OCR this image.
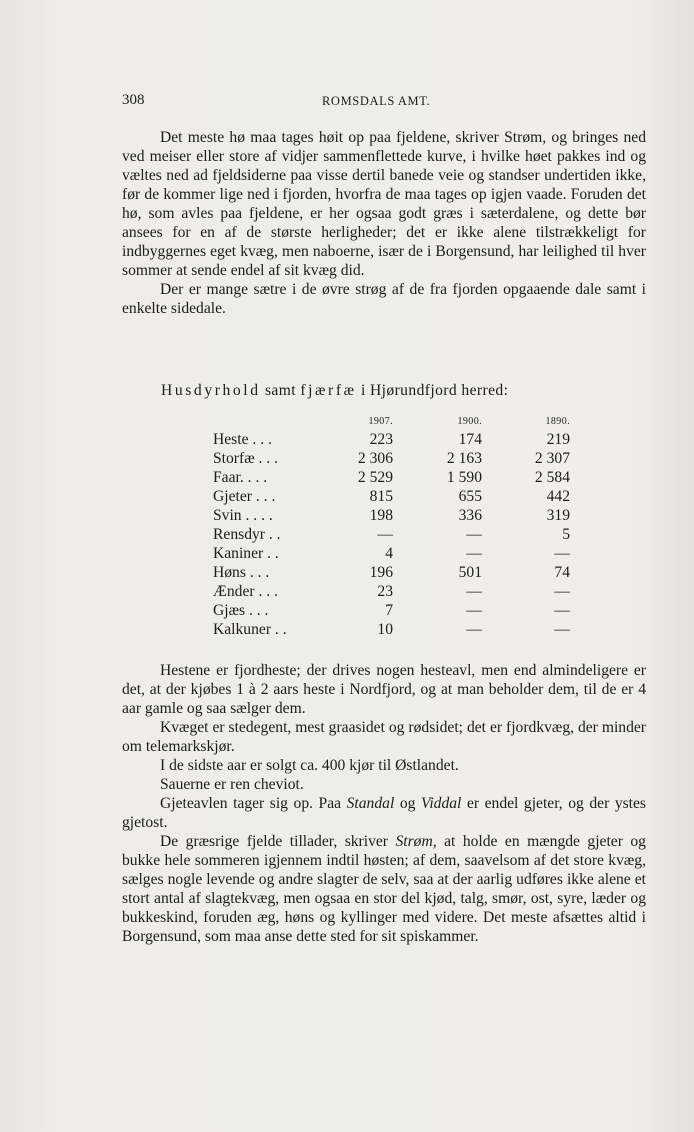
308	ROMSDALS AMT.

Det meste hø maa tages høit op paa fjeldene, skriver Strøm, og bringes ned ved meiser eller store af vidjer sammenflettede kurve, i hvilke høet pakkes ind og væltes ned ad fjeldsiderne paa visse dertil banede veie og standser undertiden ikke, før de kommer lige ned i fjorden, hvorfra de maa tages op igjen vaade. Foruden det hø, som avles paa fjeldene, er her ogsaa godt græs i sæterdalene, og dette bør ansees for en af de største herligheder; det er ikke alene tilstrækkeligt for indbyggernes eget kvæg, men naboerne, især de i Borgensund, har leilighed til hver sommer at sende endel af sit kvæg did.

Der er mange sætre i de øvre strøg af de fra fjorden opgaaende dale samt i enkelte sidedale.

Husdyrhold samt fjærfæ i Hjørundfjord herred:
	1907.	1900.	1890.
Heste . . .	223	174	219
Storfæ . . .	2 306	2 163	2 307
Faar. . . .	2 529	1 590	2 584
Gjeter . . .	815	655	442
Svin . . . .	198	336	319
Rensdyr . .	—	—	5
Kaniner . .	4	—	—
Høns . . .	196	501	74
Ænder . . .	23	—	—
Gjæs . . .	7	—	—
Kalkuner . .	10	—	—

Hestene er fjordheste; der drives nogen hesteavl, men end almindeligere er det, at der kjøbes 1 à 2 aars heste i Nordfjord, og at man beholder dem, til de er 4 aar gamle og saa sælger dem.

Kvæget er stedegent, mest graasidet og rødsidet; det er fjordkvæg, der minder om telemarkskjør.

I de sidste aar er solgt ca. 400 kjør til Østlandet.

Sauerne er ren cheviot.

Gjeteavlen tager sig op. Paa Standal og Viddal er endel gjeter, og der ystes gjetost.

De græsrige fjelde tillader, skriver Strøm, at holde en mængde gjeter og bukke hele sommeren igjennem indtil høsten; af dem, saavelsom af det store kvæg, sælges nogle levende og andre slagter de selv, saa at der aarlig udføres ikke alene et stort antal af slagtekvæg, men ogsaa en stor del kjød, talg, smør, ost, syre, læder og bukkeskind, foruden æg, høns og kyllinger med videre. Det meste afsættes altid i Borgensund, som maa anse dette sted for sit spiskammer.
